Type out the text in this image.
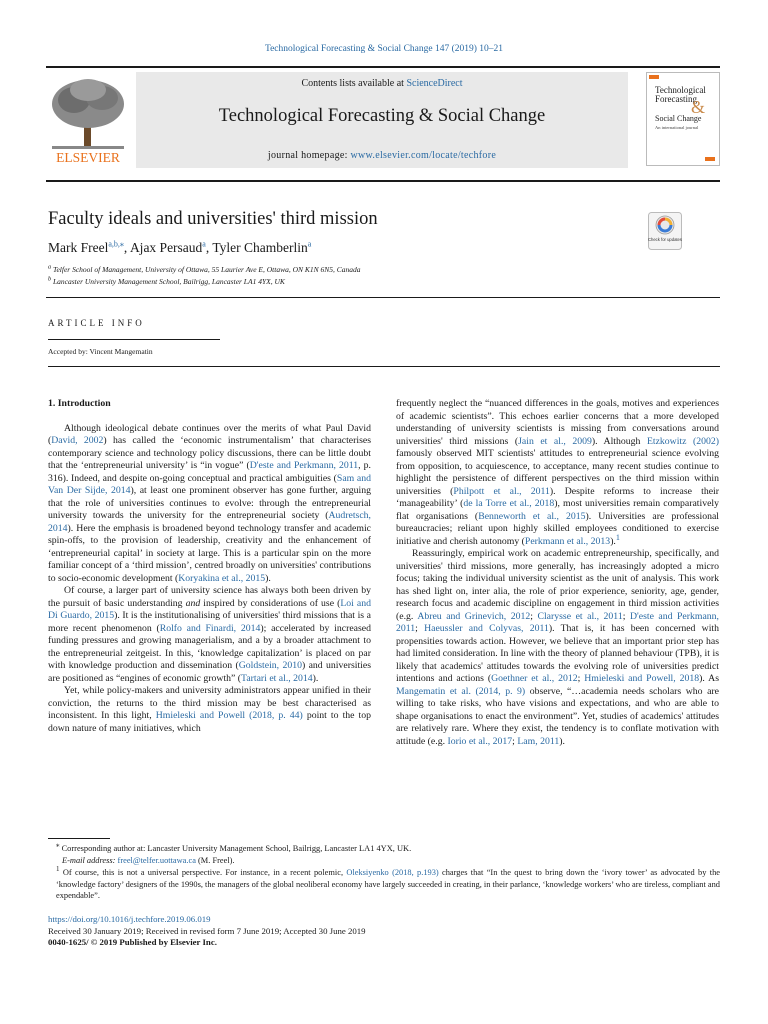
Technological Forecasting & Social Change 147 (2019) 10–21
ELSEVIER
Contents lists available at ScienceDirect
Technological Forecasting & Social Change
journal homepage: www.elsevier.com/locate/techfore
Technological
Forecasting
&
Social Change
An international journal
Faculty ideals and universities' third mission
Mark Freel$^{a,b,⁎}$, Ajax Persaud$^a$, Tyler Chamberlin$^a$
$^a$ Telfer School of Management, University of Ottawa, 55 Laurier Ave E, Ottawa, ON K1N 6N5, Canada
$^b$ Lancaster University Management School, Bailrigg, Lancaster LA1 4YX, UK
Check for updates
ARTICLE INFO
Accepted by: Vincent Mangematin
1. Introduction

Although ideological debate continues over the merits of what Paul David (David, 2002) has called the ‘economic instrumentalism’ that characterises contemporary science and technology policy discussions, there can be little doubt that the ‘entrepreneurial university’ is “in vogue” (D'este and Perkmann, 2011, p. 316). Indeed, and despite on-going conceptual and practical ambiguities (Sam and Van Der Sijde, 2014), at least one prominent observer has gone further, arguing that the role of universities continues to evolve: through the entrepreneurial university towards the university for the entrepreneurial society (Audretsch, 2014). Here the emphasis is broadened beyond technology transfer and academic spin-offs, to the provision of leadership, creativity and the enhancement of ‘entrepreneurial capital’ in society at large. This is a particular spin on the more familiar concept of a ‘third mission’, centred broadly on universities' contributions to socio-economic development (Koryakina et al., 2015).

Of course, a larger part of university science has always both been driven by the pursuit of basic understanding and inspired by considerations of use (Loi and Di Guardo, 2015). It is the institutionalising of universities' third missions that is a more recent phenomenon (Rolfo and Finardi, 2014); accelerated by increased funding pressures and growing managerialism, and a by a broader attachment to the entrepreneurial zeitgeist. In this, ‘knowledge capitalization’ is placed on par with knowledge production and dissemination (Goldstein, 2010) and universities are positioned as “engines of economic growth” (Tartari et al., 2014).

Yet, while policy-makers and university administrators appear unified in their conviction, the returns to the third mission may be best characterised as inconsistent. In this light, Hmieleski and Powell (2018, p. 44) point to the top down nature of many initiatives, which

frequently neglect the “nuanced differences in the goals, motives and experiences of academic scientists”. This echoes earlier concerns that a more developed understanding of university scientists is missing from conversations around universities' third missions (Jain et al., 2009). Although Etzkowitz (2002) famously observed MIT scientists' attitudes to entrepreneurial science evolving from opposition, to acquiescence, to acceptance, many recent studies continue to highlight the persistence of different perspectives on the third mission within universities (Philpott et al., 2011). Despite reforms to increase their ‘manageability’ (de la Torre et al., 2018), most universities remain comparatively flat organisations (Benneworth et al., 2015). Universities are professional bureaucracies; reliant upon highly skilled employees conditioned to exercise initiative and cherish autonomy (Perkmann et al., 2013).$^1$

Reassuringly, empirical work on academic entrepreneurship, specifically, and universities' third missions, more generally, has increasingly adopted a micro focus; taking the individual university scientist as the unit of analysis. This work has shed light on, inter alia, the role of prior experience, seniority, age, gender, research focus and academic discipline on engagement in third mission activities (e.g. Abreu and Grinevich, 2012; Clarysse et al., 2011; D'este and Perkmann, 2011; Haeussler and Colyvas, 2011). That is, it has been concerned with propensities towards action. However, we believe that an important prior step has had limited consideration. In line with the theory of planned behaviour (TPB), it is likely that academics' attitudes towards the evolving role of universities predict intentions and actions (Goethner et al., 2012; Hmieleski and Powell, 2018). As Mangematin et al. (2014, p. 9) observe, “…academia needs scholars who are willing to take risks, who have visions and expectations, and who are able to shape organisations to enact the environment”. Yet, studies of academics' attitudes are relatively rare. Where they exist, the tendency is to conflate motivation with attitude (e.g. Iorio et al., 2017; Lam, 2011).

⁎ Corresponding author at: Lancaster University Management School, Bailrigg, Lancaster LA1 4YX, UK.
E-mail address: freel@telfer.uottawa.ca (M. Freel).
$^1$ Of course, this is not a universal perspective. For instance, in a recent polemic, Oleksiyenko (2018, p.193) charges that “In the quest to bring down the ‘ivory tower’ as advocated by the ‘knowledge factory’ designers of the 1990s, the managers of the global neoliberal economy have largely succeeded in creating, in their parlance, ‘knowledge workers’ who are tireless, compliant and expendable”.
https://doi.org/10.1016/j.techfore.2019.06.019
Received 30 January 2019; Received in revised form 7 June 2019; Accepted 30 June 2019
0040-1625/ © 2019 Published by Elsevier Inc.
